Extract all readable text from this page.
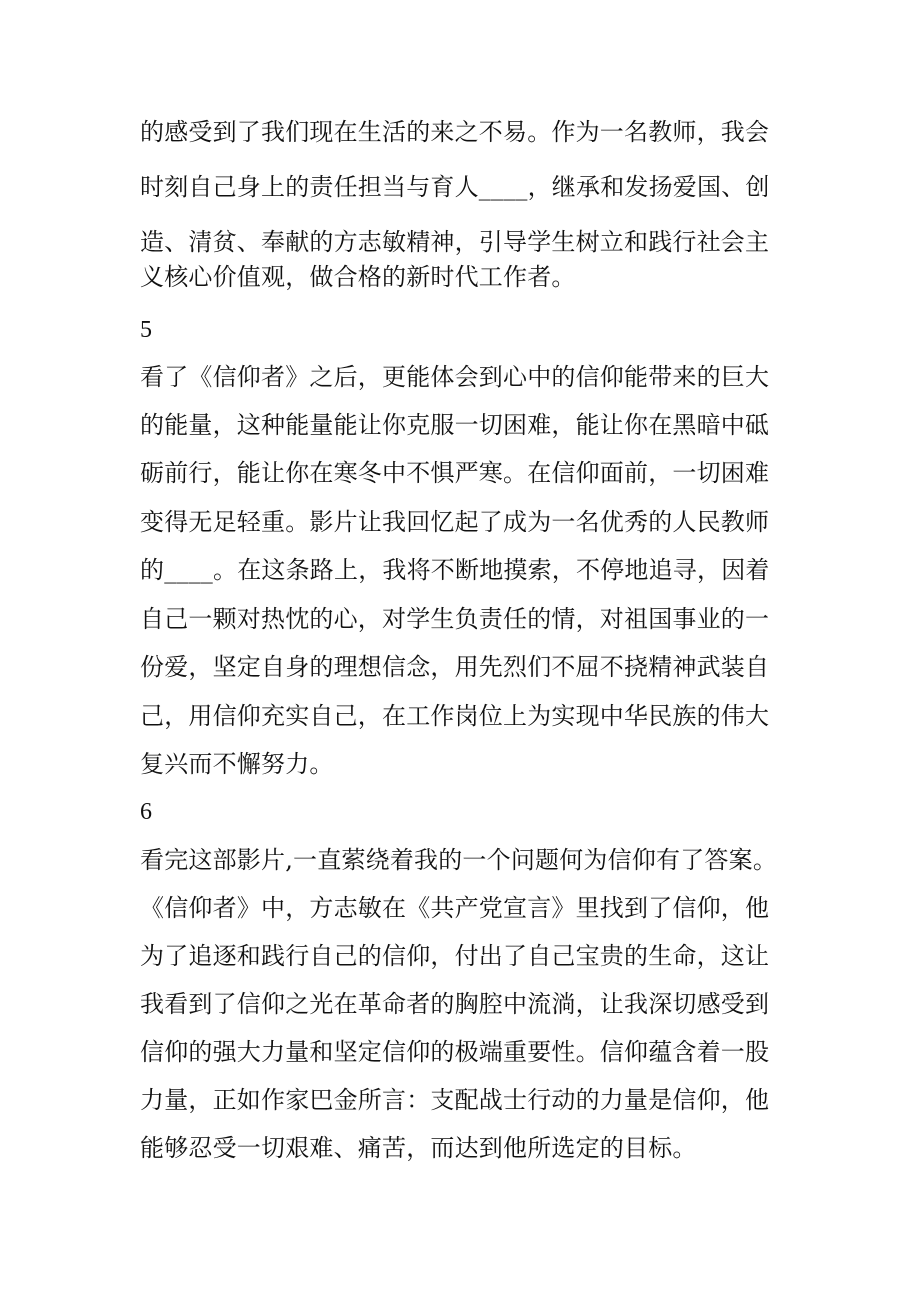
的感受到了我们现在生活的来之不易。作为一名教师，我会
时刻自己身上的责任担当与育人____，继承和发扬爱国、创
造、清贫、奉献的方志敏精神，引导学生树立和践行社会主
义核心价值观，做合格的新时代工作者。
5
看了《信仰者》之后，更能体会到心中的信仰能带来的巨大
的能量，这种能量能让你克服一切困难，能让你在黑暗中砥
砺前行，能让你在寒冬中不惧严寒。在信仰面前，一切困难
变得无足轻重。影片让我回忆起了成为一名优秀的人民教师
的____。在这条路上，我将不断地摸索，不停地追寻，因着
自己一颗对热忱的心，对学生负责任的情，对祖国事业的一
份爱，坚定自身的理想信念，用先烈们不屈不挠精神武装自
己，用信仰充实自己，在工作岗位上为实现中华民族的伟大
复兴而不懈努力。
6
看完这部影片,一直萦绕着我的一个问题何为信仰有了答案。
《信仰者》中，方志敏在《共产党宣言》里找到了信仰，他
为了追逐和践行自己的信仰，付出了自己宝贵的生命，这让
我看到了信仰之光在革命者的胸腔中流淌，让我深切感受到
信仰的强大力量和坚定信仰的极端重要性。信仰蕴含着一股
力量，正如作家巴金所言：支配战士行动的力量是信仰，他
能够忍受一切艰难、痛苦，而达到他所选定的目标。
